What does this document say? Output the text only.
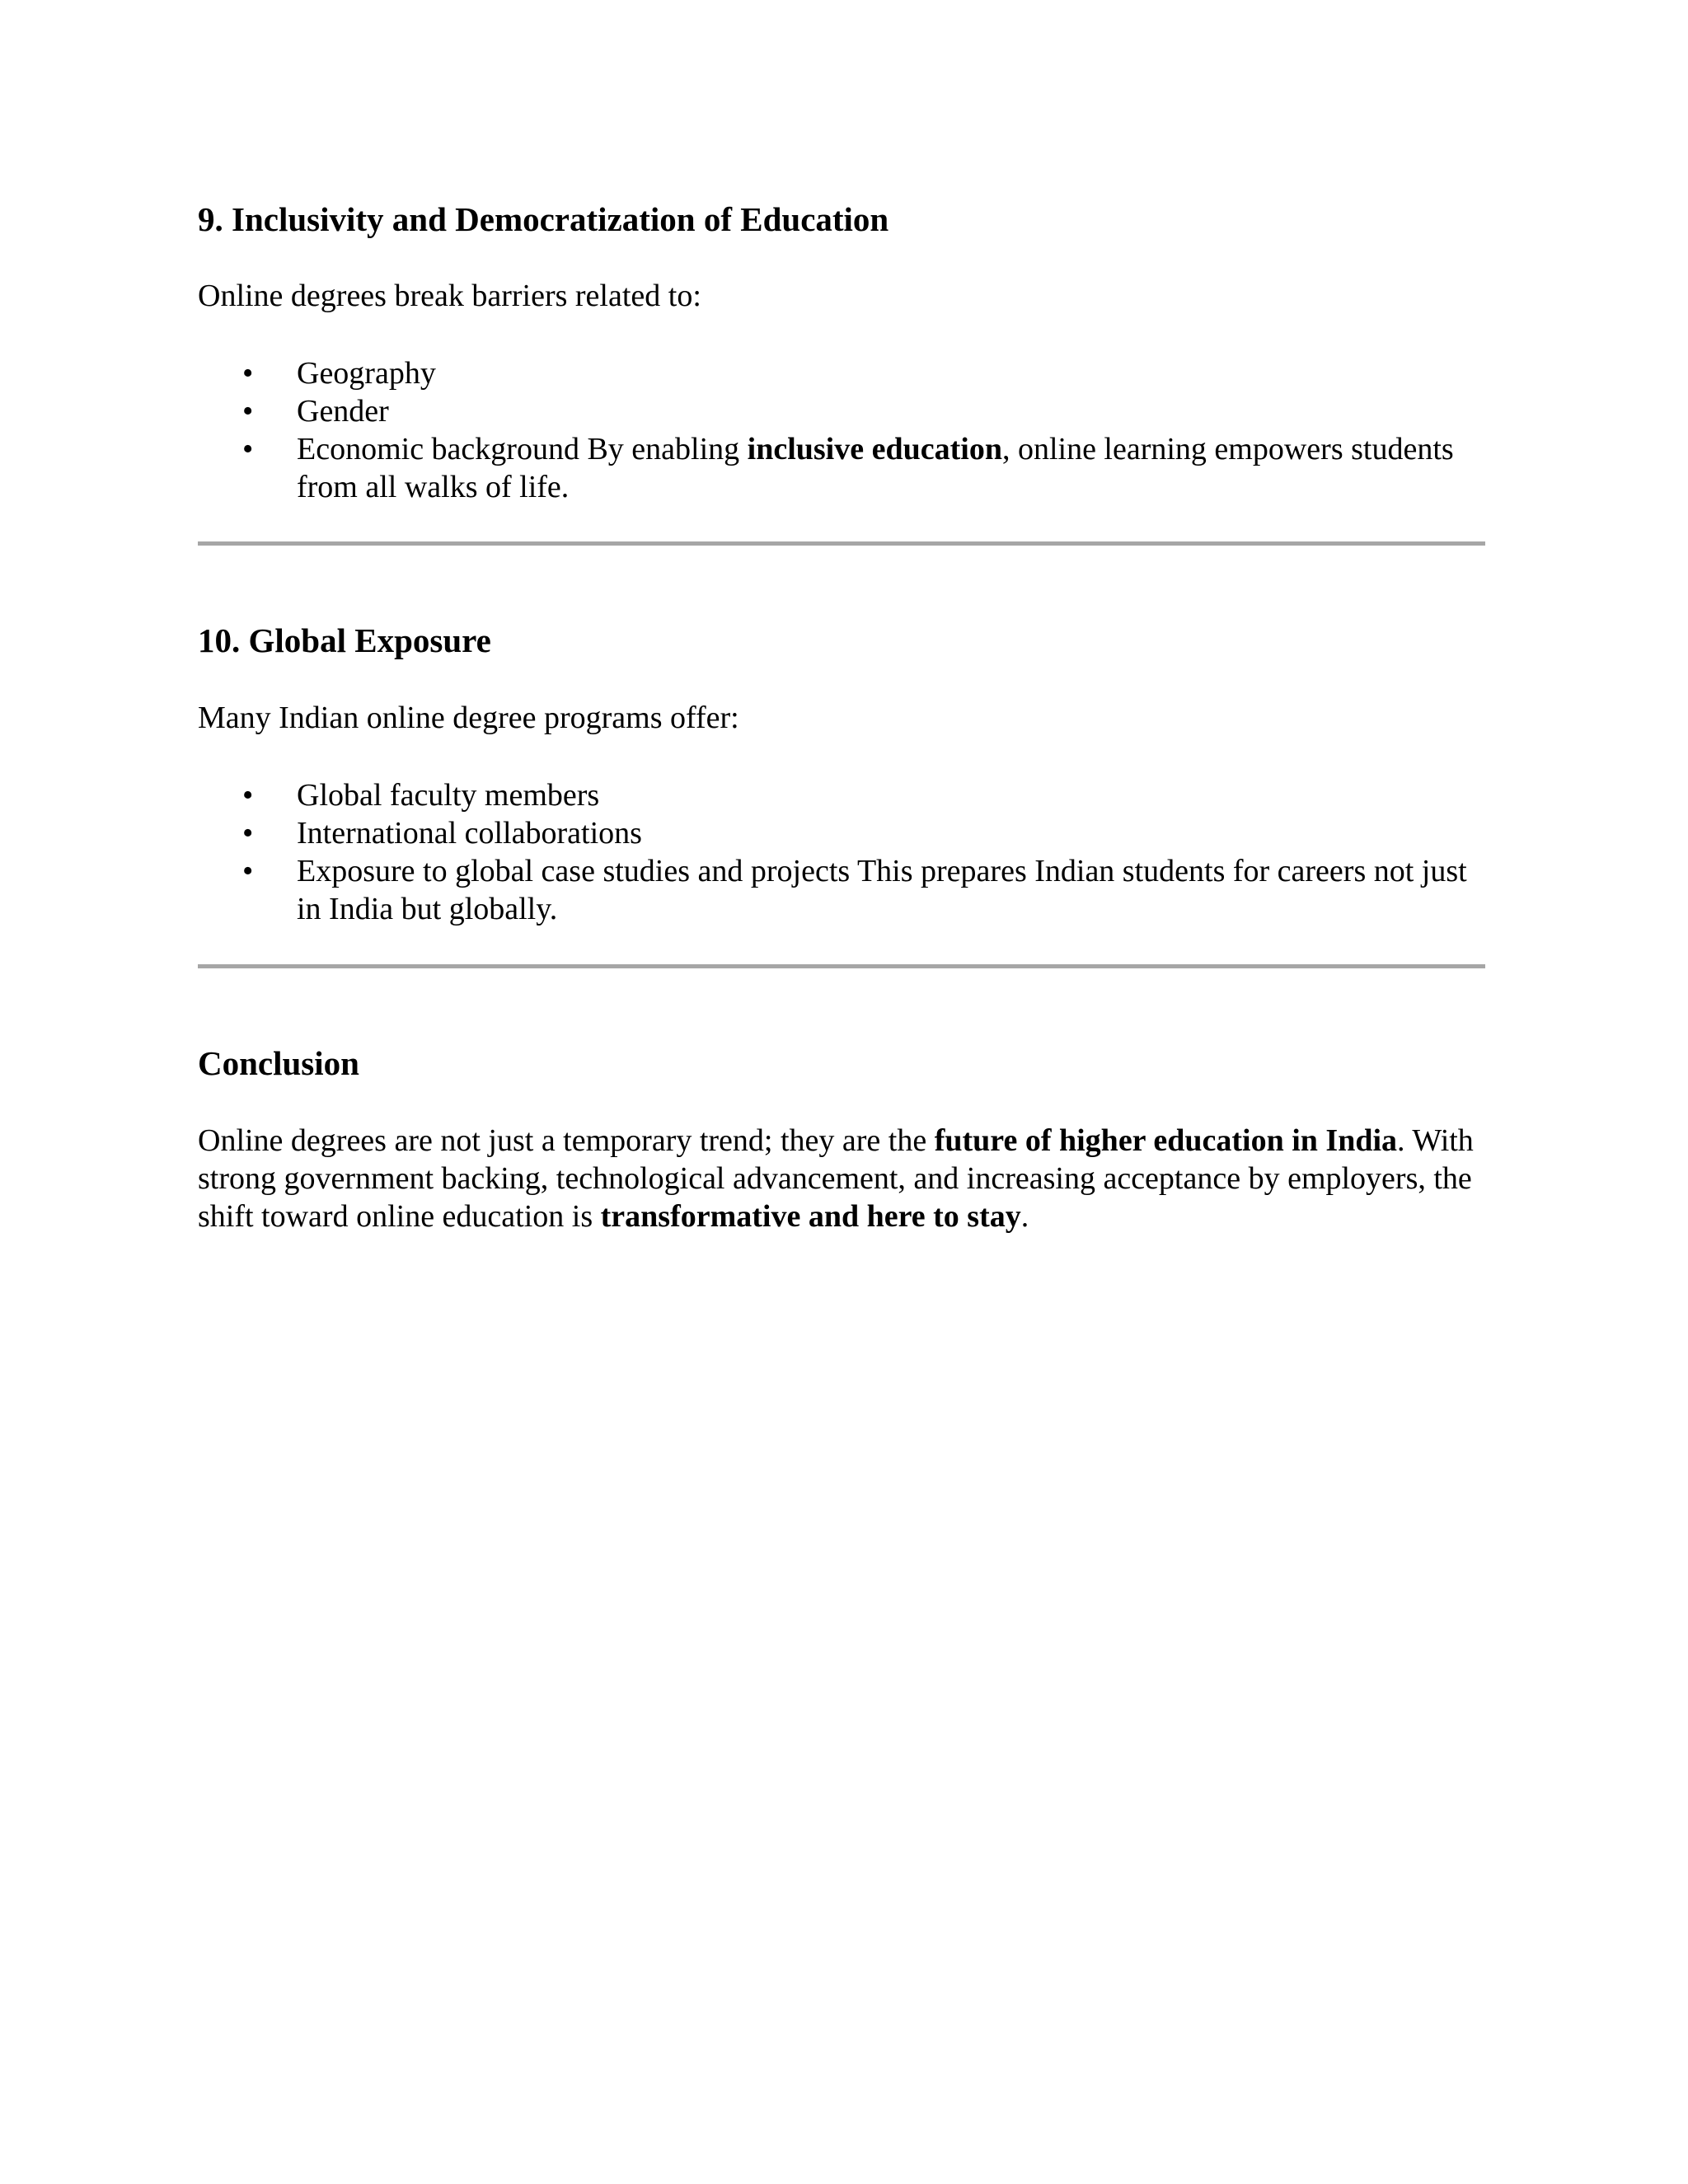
9. Inclusivity and Democratization of Education

Online degrees break barriers related to:

•	Geography
•	Gender
•	Economic background By enabling inclusive education, online learning empowers students from all walks of life.
10. Global Exposure

Many Indian online degree programs offer:

•	Global faculty members
•	International collaborations
•	Exposure to global case studies and projects This prepares Indian students for careers not just in India but globally.
Conclusion

Online degrees are not just a temporary trend; they are the future of higher education in India. With strong government backing, technological advancement, and increasing acceptance by employers, the shift toward online education is transformative and here to stay.
